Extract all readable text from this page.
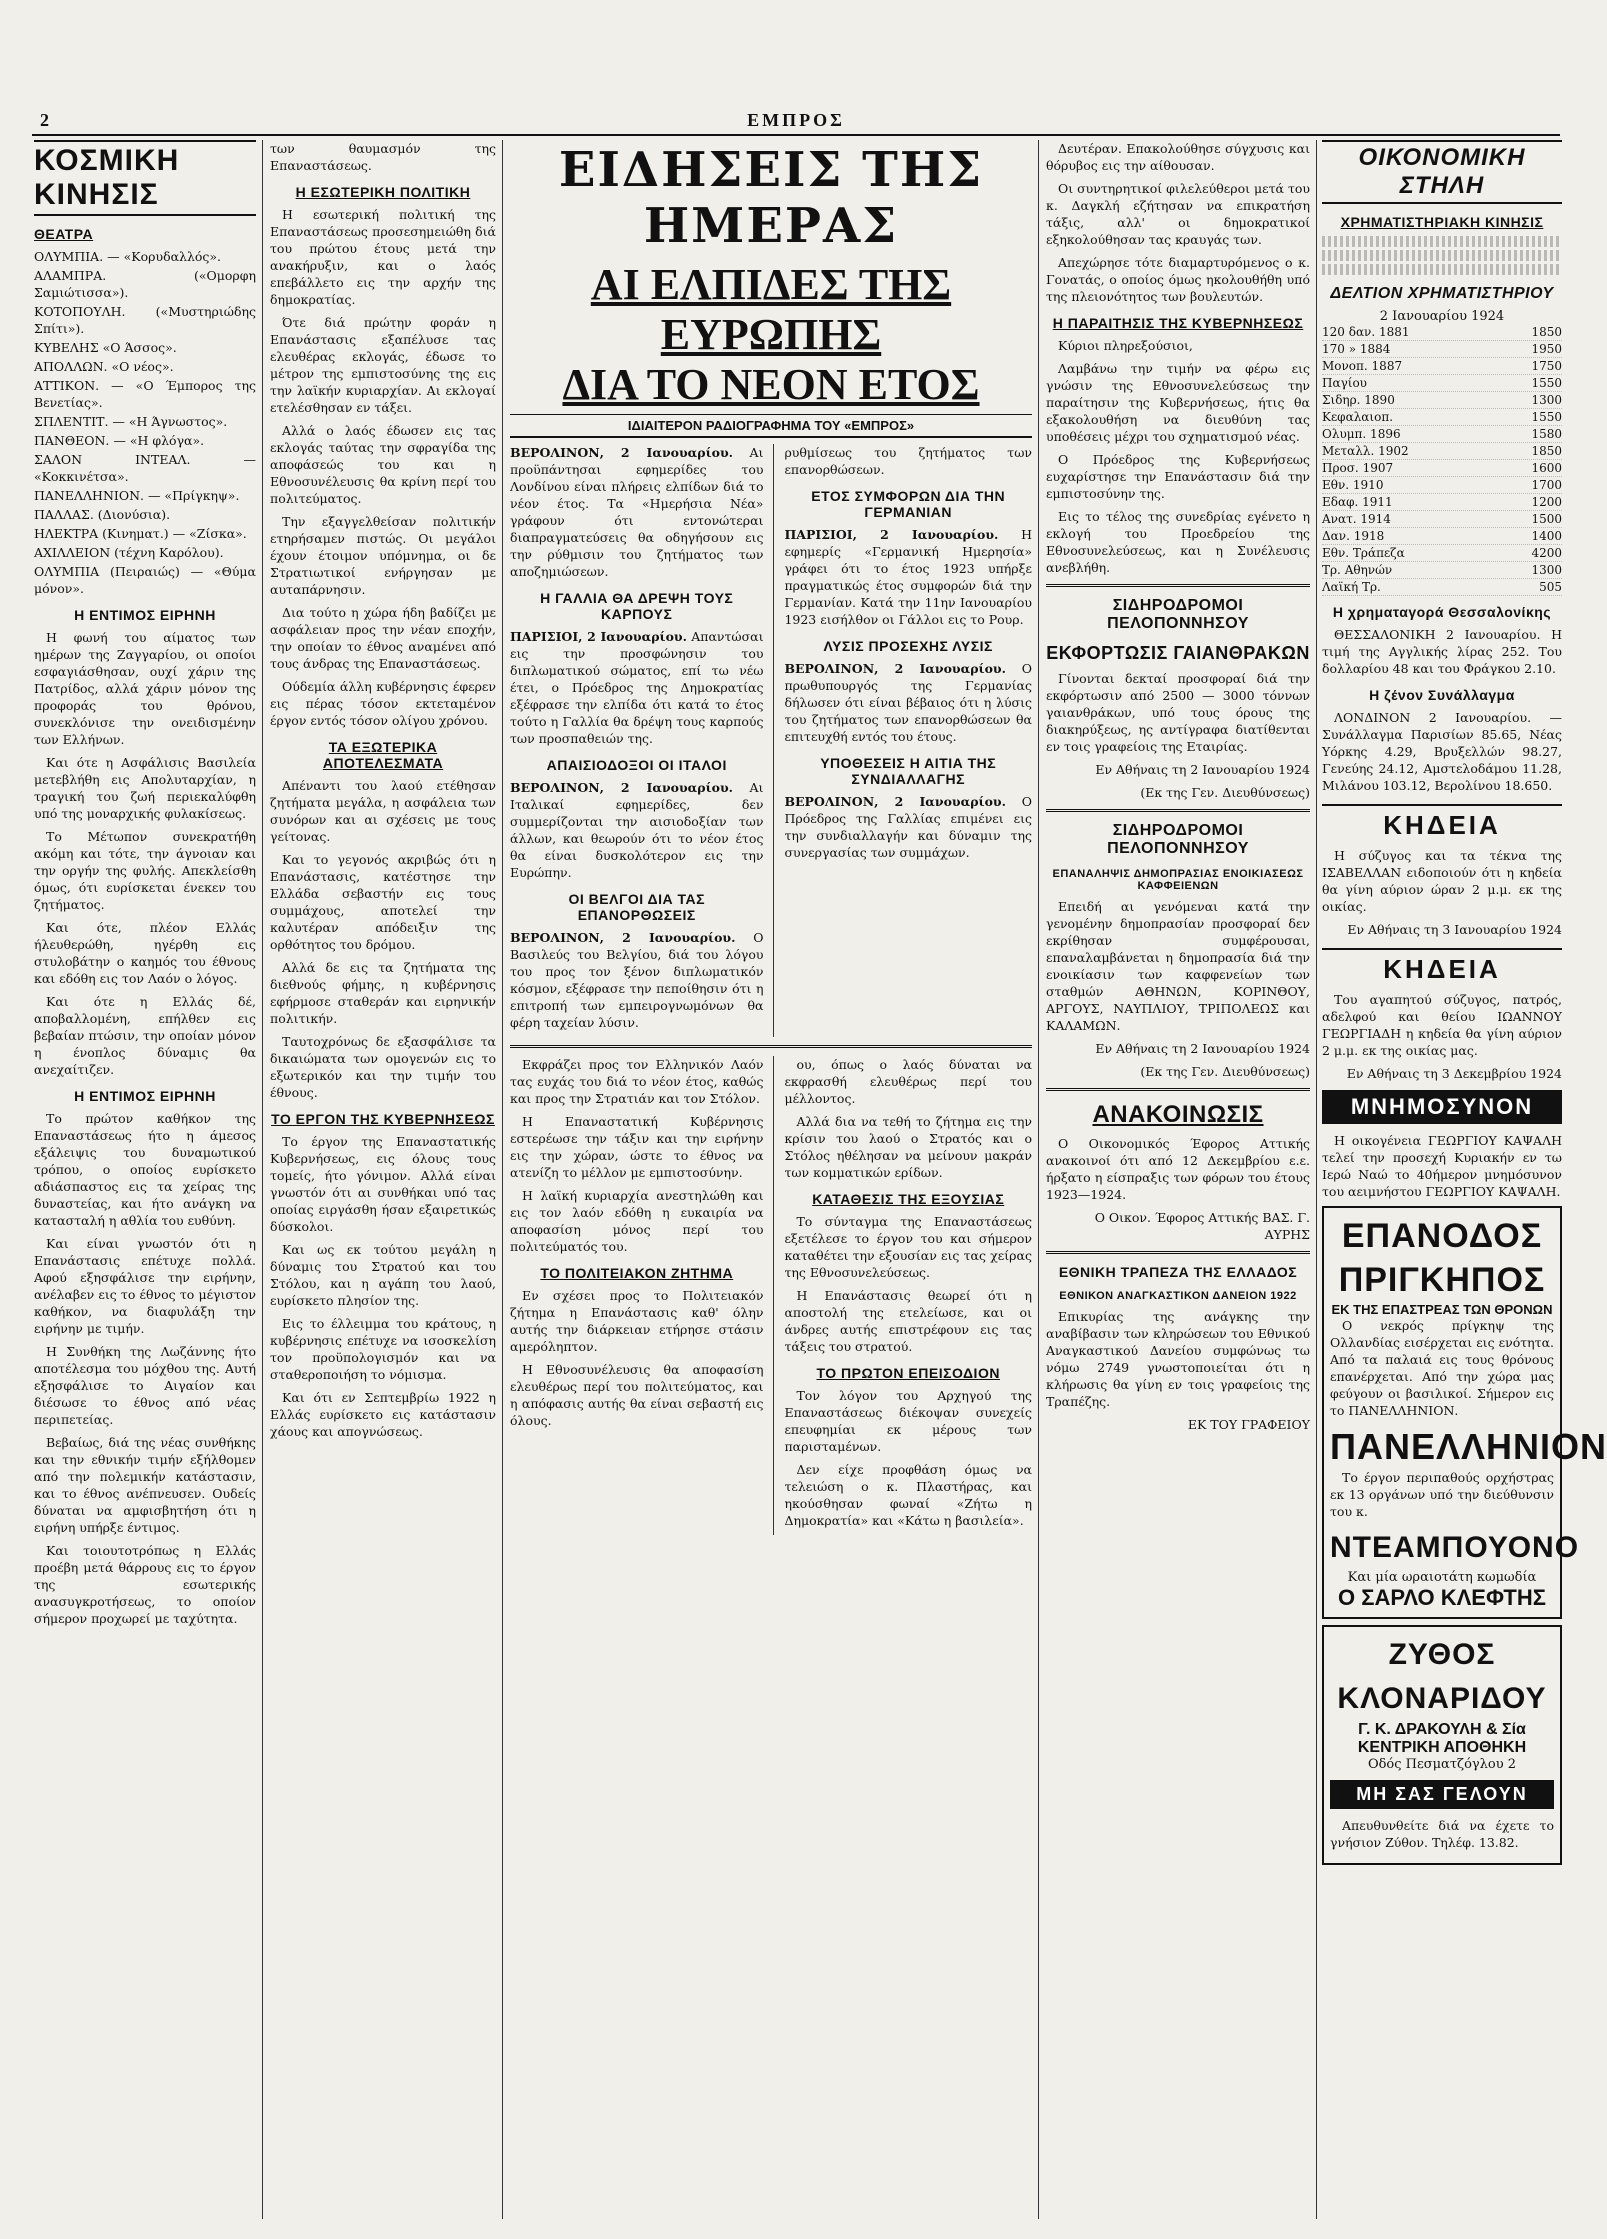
2	ΕΜΠΡΟΣ
ΚΟΣΜΙΚΗ ΚΙΝΗΣΙΣ
ΘΕΑΤΡΑ

ΟΛΥΜΠΙΑ. — «Κορυδαλλός».

ΑΛΑΜΠΡΑ. («Ομορφη Σαμιώτισσα»).

ΚΟΤΟΠΟΥΛΗ. («Μυστηριώδης Σπίτι»).

ΚΥΒΕΛΗΣ «Ο Άσσος».

ΑΠΟΛΛΩΝ. «Ο νέος».

ΑΤΤΙΚΟΝ. — «Ο Έμπορος της Βενετίας».

ΣΠΛΕΝΤΙΤ. — «Η Άγνωστος».

ΠΑΝΘΕΟΝ. — «Η φλόγα».

ΣΑΛΟΝ ΙΝΤΕΑΛ. — «Κοκκινέτσα».

ΠΑΝΕΛΛΗΝΙΟΝ. — «Πρίγκηψ».

ΠΑΛΛΑΣ. (Διονύσια).

ΗΛΕΚΤΡΑ (Κινηματ.) — «Ζίσκα».

ΑΧΙΛΛΕΙΟΝ (τέχνη Καρόλου).

ΟΛΥΜΠΙΑ (Πειραιώς) — «Θύμα μόνον».

Η ΕΝΤΙΜΟΣ ΕΙΡΗΝΗ

Η φωνή του αίματος των ημέρων της Ζαγγαρίου, οι οποίοι εσφαγιάσθησαν, ουχί χάριν της Πατρίδος, αλλά χάριν μόνον της προφοράς του θρόνου, συνεκλόνισε την ονειδισμένην των Ελλήνων.

Και ότε η Ασφάλισις Βασιλεία μετεβλήθη εις Απολυταρχίαν, η τραγική του ζωή περιεκαλύφθη υπό της μοναρχικής φυλακίσεως.

Το Μέτωπον συνεκρατήθη ακόμη και τότε, την άγνοιαν και την οργήν της φυλής. Απεκλείσθη όμως, ότι ευρίσκεται ένεκεν του ζητήματος.

Και ότε, πλέον Ελλάς ήλευθερώθη, ηγέρθη εις στυλοβάτην ο καημός του έθνους και εδόθη εις τον Λαόν ο λόγος.

Και ότε η Ελλάς δέ, αποβαλλομένη, επήλθεν εις βεβαίαν πτώσιν, την οποίαν μόνον η ένοπλος δύναμις θα ανεχαίτιζεν.

Η ΕΝΤΙΜΟΣ ΕΙΡΗΝΗ

Το πρώτον καθήκον της Επαναστάσεως ήτο η άμεσος εξάλειψις του δυναμωτικού τρόπου, ο οποίος ευρίσκετο αδιάσπαστος εις τα χείρας της δυναστείας, και ήτο ανάγκη να κατασταλή η αθλία του ευθύνη.

Και είναι γνωστόν ότι η Επανάστασις επέτυχε πολλά. Αφού εξησφάλισε την ειρήνην, ανέλαβεν εις το έθνος το μέγιστον καθήκον, να διαφυλάξη την ειρήνην με τιμήν.

Η Συνθήκη της Λωζάννης ήτο αποτέλεσμα του μόχθου της. Αυτή εξησφάλισε το Αιγαίον και διέσωσε το έθνος από νέας περιπετείας.

Βεβαίως, διά της νέας συνθήκης και την εθνικήν τιμήν εξήλθομεν από την πολεμικήν κατάστασιν, και το έθνος ανέπνευσεν. Ουδείς δύναται να αμφισβητήση ότι η ειρήνη υπήρξε έντιμος.

Και τοιουτοτρόπως η Ελλάς προέβη μετά θάρρους εις το έργον της εσωτερικής ανασυγκροτήσεως, το οποίον σήμερον προχωρεί με ταχύτητα.

των θαυμασμόν της Επαναστάσεως.

Η ΕΣΩΤΕΡΙΚΗ ΠΟΛΙΤΙΚΗ

Η εσωτερική πολιτική της Επαναστάσεως προσεσημειώθη διά του πρώτου έτους μετά την ανακήρυξιν, και ο λαός επεβάλλετο εις την αρχήν της δημοκρατίας.

Ότε διά πρώτην φοράν η Επανάστασις εξαπέλυσε τας ελευθέρας εκλογάς, έδωσε το μέτρον της εμπιστοσύνης της εις την λαϊκήν κυριαρχίαν. Αι εκλογαί ετελέσθησαν εν τάξει.

Αλλά ο λαός έδωσεν εις τας εκλογάς ταύτας την σφραγίδα της αποφάσεώς του και η Εθνοσυνέλευσις θα κρίνη περί του πολιτεύματος.

Την εξαγγελθείσαν πολιτικήν ετηρήσαμεν πιστώς. Οι μεγάλοι έχουν έτοιμον υπόμνημα, οι δε Στρατιωτικοί ενήργησαν με αυταπάρνησιν.

Δια τούτο η χώρα ήδη βαδίζει με ασφάλειαν προς την νέαν εποχήν, την οποίαν το έθνος αναμένει από τους άνδρας της Επαναστάσεως.

Ούδεμία άλλη κυβέρνησις έφερεν εις πέρας τόσον εκτεταμένον έργον εντός τόσον ολίγου χρόνου.

ΤΑ ΕΞΩΤΕΡΙΚΑ ΑΠΟΤΕΛΕΣΜΑΤΑ

Απέναντι του λαού ετέθησαν ζητήματα μεγάλα, η ασφάλεια των συνόρων και αι σχέσεις με τους γείτονας.

Και το γεγονός ακριβώς ότι η Επανάστασις, κατέστησε την Ελλάδα σεβαστήν εις τους συμμάχους, αποτελεί την καλυτέραν απόδειξιν της ορθότητος του δρόμου.

Αλλά δε εις τα ζητήματα της διεθνούς φήμης, η κυβέρνησις εφήρμοσε σταθεράν και ειρηνικήν πολιτικήν.

Ταυτοχρόνως δε εξασφάλισε τα δικαιώματα των ομογενών εις το εξωτερικόν και την τιμήν του έθνους.

ΤΟ ΕΡΓΟΝ ΤΗΣ ΚΥΒΕΡΝΗΣΕΩΣ

Το έργον της Επαναστατικής Κυβερνήσεως, εις όλους τους τομείς, ήτο γόνιμον. Αλλά είναι γνωστόν ότι αι συνθήκαι υπό τας οποίας ειργάσθη ήσαν εξαιρετικώς δύσκολοι.

Και ως εκ τούτου μεγάλη η δύναμις του Στρατού και του Στόλου, και η αγάπη του λαού, ευρίσκετο πλησίον της.

Εις το έλλειμμα του κράτους, η κυβέρνησις επέτυχε να ισοσκελίση τον προϋπολογισμόν και να σταθεροποιήση το νόμισμα.

Και ότι εν Σεπτεμβρίω 1922 η Ελλάς ευρίσκετο εις κατάστασιν χάους και απογνώσεως.

ΕΙΔΗΣΕΙΣ ΤΗΣ ΗΜΕΡΑΣ
ΑΙ ΕΛΠΙΔΕΣ ΤΗΣ ΕΥΡΩΠΗΣ
ΔΙΑ ΤΟ ΝΕΟΝ ΕΤΟΣ
ΙΔΙΑΙΤΕΡΟΝ ΡΑΔΙΟΓΡΑΦΗΜΑ ΤΟΥ «ΕΜΠΡΟΣ»

ΒΕΡΟΛΙΝΟΝ, 2 Ιανουαρίου. Αι προϋπάντησαι εφημερίδες του Λονδίνου είναι πλήρεις ελπίδων διά το νέον έτος. Τα «Ημερήσια Νέα» γράφουν ότι εντονώτεραι διαπραγματεύσεις θα οδηγήσουν εις την ρύθμισιν του ζητήματος των αποζημιώσεων.

Η ΓΑΛΛΙΑ ΘΑ ΔΡΕΨΗ ΤΟΥΣ ΚΑΡΠΟΥΣ

ΠΑΡΙΣΙΟΙ, 2 Ιανουαρίου. Απαντώσαι εις την προσφώνησιν του διπλωματικού σώματος, επί τω νέω έτει, ο Πρόεδρος της Δημοκρατίας εξέφρασε την ελπίδα ότι κατά το έτος τούτο η Γαλλία θα δρέψη τους καρπούς των προσπαθειών της.

ΑΠΑΙΣΙΟΔΟΞΟΙ ΟΙ ΙΤΑΛΟΙ

ΒΕΡΟΛΙΝΟΝ, 2 Ιανουαρίου. Αι Ιταλικαί εφημερίδες, δεν συμμερίζονται την αισιοδοξίαν των άλλων, και θεωρούν ότι το νέον έτος θα είναι δυσκολότερον εις την Ευρώπην.

ΟΙ ΒΕΛΓΟΙ ΔΙΑ ΤΑΣ ΕΠΑΝΟΡΘΩΣΕΙΣ

ΒΕΡΟΛΙΝΟΝ, 2 Ιανουαρίου. Ο Βασιλεύς του Βελγίου, διά του λόγου του προς τον ξένον διπλωματικόν κόσμον, εξέφρασε την πεποίθησιν ότι η επιτροπή των εμπειρογνωμόνων θα φέρη ταχείαν λύσιν.

ρυθμίσεως του ζητήματος των επανορθώσεων.

ΕΤΟΣ ΣΥΜΦΟΡΩΝ ΔΙΑ ΤΗΝ ΓΕΡΜΑΝΙΑΝ

ΠΑΡΙΣΙΟΙ, 2 Ιανουαρίου. Η εφημερίς «Γερμανική Ημερησία» γράφει ότι το έτος 1923 υπήρξε πραγματικώς έτος συμφορών διά την Γερμανίαν. Κατά την 11ην Ιανουαρίου 1923 εισήλθον οι Γάλλοι εις το Ρουρ.

ΛΥΣΙΣ ΠΡΟΣΕΧΗΣ ΛΥΣΙΣ

ΒΕΡΟΛΙΝΟΝ, 2 Ιανουαρίου. Ο πρωθυπουργός της Γερμανίας δήλωσεν ότι είναι βέβαιος ότι η λύσις του ζητήματος των επανορθώσεων θα επιτευχθή εντός του έτους.

ΥΠΟΘΕΣΕΙΣ Η ΑΙΤΙΑ ΤΗΣ ΣΥΝΔΙΑΛΛΑΓΗΣ

ΒΕΡΟΛΙΝΟΝ, 2 Ιανουαρίου. Ο Πρόεδρος της Γαλλίας επιμένει εις την συνδιαλλαγήν και δύναμιν της συνεργασίας των συμμάχων.

Εκφράζει προς τον Ελληνικόν Λαόν τας ευχάς του διά το νέον έτος, καθώς και προς την Στρατιάν και τον Στόλον.

Η Επαναστατική Κυβέρνησις εστερέωσε την τάξιν και την ειρήνην εις την χώραν, ώστε το έθνος να ατενίζη το μέλλον με εμπιστοσύνην.

Η λαϊκή κυριαρχία ανεστηλώθη και εις τον λαόν εδόθη η ευκαιρία να αποφασίση μόνος περί του πολιτεύματός του.

ΤΟ ΠΟΛΙΤΕΙΑΚΟΝ ΖΗΤΗΜΑ

Εν σχέσει προς το Πολιτειακόν ζήτημα η Επανάστασις καθ' όλην αυτής την διάρκειαν ετήρησε στάσιν αμερόληπτον.

Η Εθνοσυνέλευσις θα αποφασίση ελευθέρως περί του πολιτεύματος, και η απόφασις αυτής θα είναι σεβαστή εις όλους.

ου, όπως ο λαός δύναται να εκφρασθή ελευθέρως περί του μέλλοντος.

Αλλά δια να τεθή το ζήτημα εις την κρίσιν του λαού ο Στρατός και ο Στόλος ηθέλησαν να μείνουν μακράν των κομματικών ερίδων.

ΚΑΤΑΘΕΣΙΣ ΤΗΣ ΕΞΟΥΣΙΑΣ

Το σύνταγμα της Επαναστάσεως εξετέλεσε το έργον του και σήμερον καταθέτει την εξουσίαν εις τας χείρας της Εθνοσυνελεύσεως.

Η Επανάστασις θεωρεί ότι η αποστολή της ετελείωσε, και οι άνδρες αυτής επιστρέφουν εις τας τάξεις του στρατού.

ΤΟ ΠΡΩΤΟΝ ΕΠΕΙΣΟΔΙΟΝ

Τον λόγον του Αρχηγού της Επαναστάσεως διέκοψαν συνεχείς επευφημίαι εκ μέρους των παρισταμένων.

Δεν είχε προφθάση όμως να τελειώση ο κ. Πλαστήρας, και ηκούσθησαν φωναί «Ζήτω η Δημοκρατία» και «Κάτω η βασιλεία».

Δευτέραν. Επακολούθησε σύγχυσις και θόρυβος εις την αίθουσαν.

Οι συντηρητικοί φιλελεύθεροι μετά του κ. Δαγκλή εζήτησαν να επικρατήση τάξις, αλλ' οι δημοκρατικοί εξηκολούθησαν τας κραυγάς των.

Απεχώρησε τότε διαμαρτυρόμενος ο κ. Γονατάς, ο οποίος όμως ηκολουθήθη υπό της πλειονότητος των βουλευτών.

Η ΠΑΡΑΙΤΗΣΙΣ ΤΗΣ ΚΥΒΕΡΝΗΣΕΩΣ

Κύριοι πληρεξούσιοι,

Λαμβάνω την τιμήν να φέρω εις γνώσιν της Εθνοσυνελεύσεως την παραίτησιν της Κυβερνήσεως, ήτις θα εξακολουθήση να διευθύνη τας υποθέσεις μέχρι του σχηματισμού νέας.

Ο Πρόεδρος της Κυβερνήσεως ευχαρίστησε την Επανάστασιν διά την εμπιστοσύνην της.

Εις το τέλος της συνεδρίας εγένετο η εκλογή του Προεδρείου της Εθνοσυνελεύσεως, και η Συνέλευσις ανεβλήθη.

ΣΙΔΗΡΟΔΡΟΜΟΙ ΠΕΛΟΠΟΝΝΗΣΟΥ
ΕΚΦΟΡΤΩΣΙΣ ΓΑΙΑΝΘΡΑΚΩΝ

Γίνονται δεκταί προσφοραί διά την εκφόρτωσιν από 2500 — 3000 τόννων γαιανθράκων, υπό τους όρους της διακηρύξεως, ης αντίγραφα διατίθενται εν τοις γραφείοις της Εταιρίας.

Εν Αθήναις τη 2 Ιανουαρίου 1924

(Εκ της Γεν. Διευθύνσεως)

ΣΙΔΗΡΟΔΡΟΜΟΙ ΠΕΛΟΠΟΝΝΗΣΟΥ
ΕΠΑΝΑΛΗΨΙΣ ΔΗΜΟΠΡΑΣΙΑΣ ΕΝΟΙΚΙΑΣΕΩΣ ΚΑΦΦΕΙΕΝΩΝ

Επειδή αι γενόμεναι κατά την γενομένην δημοπρασίαν προσφοραί δεν εκρίθησαν συμφέρουσαι, επαναλαμβάνεται η δημοπρασία διά την ενοικίασιν των καφφενείων των σταθμών ΑΘΗΝΩΝ, ΚΟΡΙΝΘΟΥ, ΑΡΓΟΥΣ, ΝΑΥΠΛΙΟΥ, ΤΡΙΠΟΛΕΩΣ και ΚΑΛΑΜΩΝ.

Εν Αθήναις τη 2 Ιανουαρίου 1924

(Εκ της Γεν. Διευθύνσεως)

ΑΝΑΚΟΙΝΩΣΙΣ

Ο Οικονομικός Έφορος Αττικής ανακοινοί ότι από 12 Δεκεμβρίου ε.ε. ήρξατο η είσπραξις των φόρων του έτους 1923—1924.

Ο Οικον. Έφορος Αττικής ΒΑΣ. Γ. ΑΥΡΗΣ

ΕΘΝΙΚΗ ΤΡΑΠΕΖΑ ΤΗΣ ΕΛΛΑΔΟΣ
ΕΘΝΙΚΟΝ ΑΝΑΓΚΑΣΤΙΚΟΝ ΔΑΝΕΙΟΝ 1922

Επικυρίας της ανάγκης την αναβίβασιν των κληρώσεων του Εθνικού Αναγκαστικού Δανείου συμφώνως τω νόμω 2749 γνωστοποιείται ότι η κλήρωσις θα γίνη εν τοις γραφείοις της Τραπέζης.

ΕΚ ΤΟΥ ΓΡΑΦΕΙΟΥ

ΟΙΚΟΝΟΜΙΚΗ ΣΤΗΛΗ
ΧΡΗΜΑΤΙΣΤΗΡΙΑΚΗ ΚΙΝΗΣΙΣ
ΔΕΛΤΙΟΝ ΧΡΗΜΑΤΙΣΤΗΡΙΟΥ
2 Ιανουαρίου 1924
120 δαν. 1881	1850
170 » 1884	1950
Μονοπ. 1887	1750
Παγίου	1550
Σιδηρ. 1890	1300
Κεφαλαιοπ.	1550
Ολυμπ. 1896	1580
Μεταλλ. 1902	1850
Προσ. 1907	1600
Εθν. 1910	1700
Εδαφ. 1911	1200
Ανατ. 1914	1500
Δαν. 1918	1400
Εθν. Τράπεζα	4200
Τρ. Αθηνών	1300
Λαϊκή Τρ.	505
Η χρηματαγορά Θεσσαλονίκης

ΘΕΣΣΑΛΟΝΙΚΗ 2 Ιανουαρίου. Η τιμή της Αγγλικής λίρας 252. Του δολλαρίου 48 και του Φράγκου 2.10.

Η ζένον Συνάλλαγμα

ΛΟΝΔΙΝΟΝ 2 Ιανουαρίου. — Συνάλλαγμα Παρισίων 85.65, Νέας Υόρκης 4.29, Βρυξελλών 98.27, Γενεύης 24.12, Αμστελοδάμου 11.28, Μιλάνου 103.12, Βερολίνου 18.650.

ΚΗΔΕΙΑ

Η σύζυγος και τα τέκνα της ΙΣΑΒΕΛΛΑΝ ειδοποιούν ότι η κηδεία θα γίνη αύριον ώραν 2 μ.μ. εκ της οικίας.

Εν Αθήναις τη 3 Ιανουαρίου 1924

ΚΗΔΕΙΑ

Του αγαπητού σύζυγος, πατρός, αδελφού και θείου ΙΩΑΝΝΟΥ ΓΕΩΡΓΙΑΔΗ η κηδεία θα γίνη αύριον 2 μ.μ. εκ της οικίας μας.

Εν Αθήναις τη 3 Δεκεμβρίου 1924

ΜΝΗΜΟΣΥΝΟΝ

Η οικογένεια ΓΕΩΡΓΙΟΥ ΚΑΨΑΛΗ τελεί την προσεχή Κυριακήν εν τω Ιερώ Ναώ το 40ήμερον μνημόσυνον του αειμνήστου ΓΕΩΡΓΙΟΥ ΚΑΨΑΛΗ.

ΕΠΑΝΟΔΟΣ ΠΡΙΓΚΗΠΟΣ
ΕΚ ΤΗΣ ΕΠΑΣΤΡΕΑΣ ΤΩΝ ΘΡΟΝΩΝ

Ο νεκρός πρίγκηψ της Ολλανδίας εισέρχεται εις ενότητα. Από τα παλαιά εις τους θρόνους επανέρχεται. Από την χώρα μας φεύγουν οι βασιλικοί. Σήμερον εις το ΠΑΝΕΛΛΗΝΙΟΝ.

ΠΑΝΕΛΛΗΝΙΟΝ

Το έργον περιπαθούς ορχήστρας εκ 13 οργάνων υπό την διεύθυνσιν του κ.

ΝΤΕΑΜΠΟΥΟΝΟ
Και μία ωραιοτάτη κωμωδία
Ο ΣΑΡΛΟ ΚΛΕΦΤΗΣ
ΖΥΘΟΣ ΚΛΟΝΑΡΙΔΟΥ
Γ. Κ. ΔΡΑΚΟΥΛΗ & Σία
ΚΕΝΤΡΙΚΗ ΑΠΟΘΗΚΗ
Οδός Πεσματζόγλου 2
ΜΗ ΣΑΣ ΓΕΛΟΥΝ

Απευθυνθείτε διά να έχετε το γνήσιον Ζύθον. Τηλέφ. 13.82.
